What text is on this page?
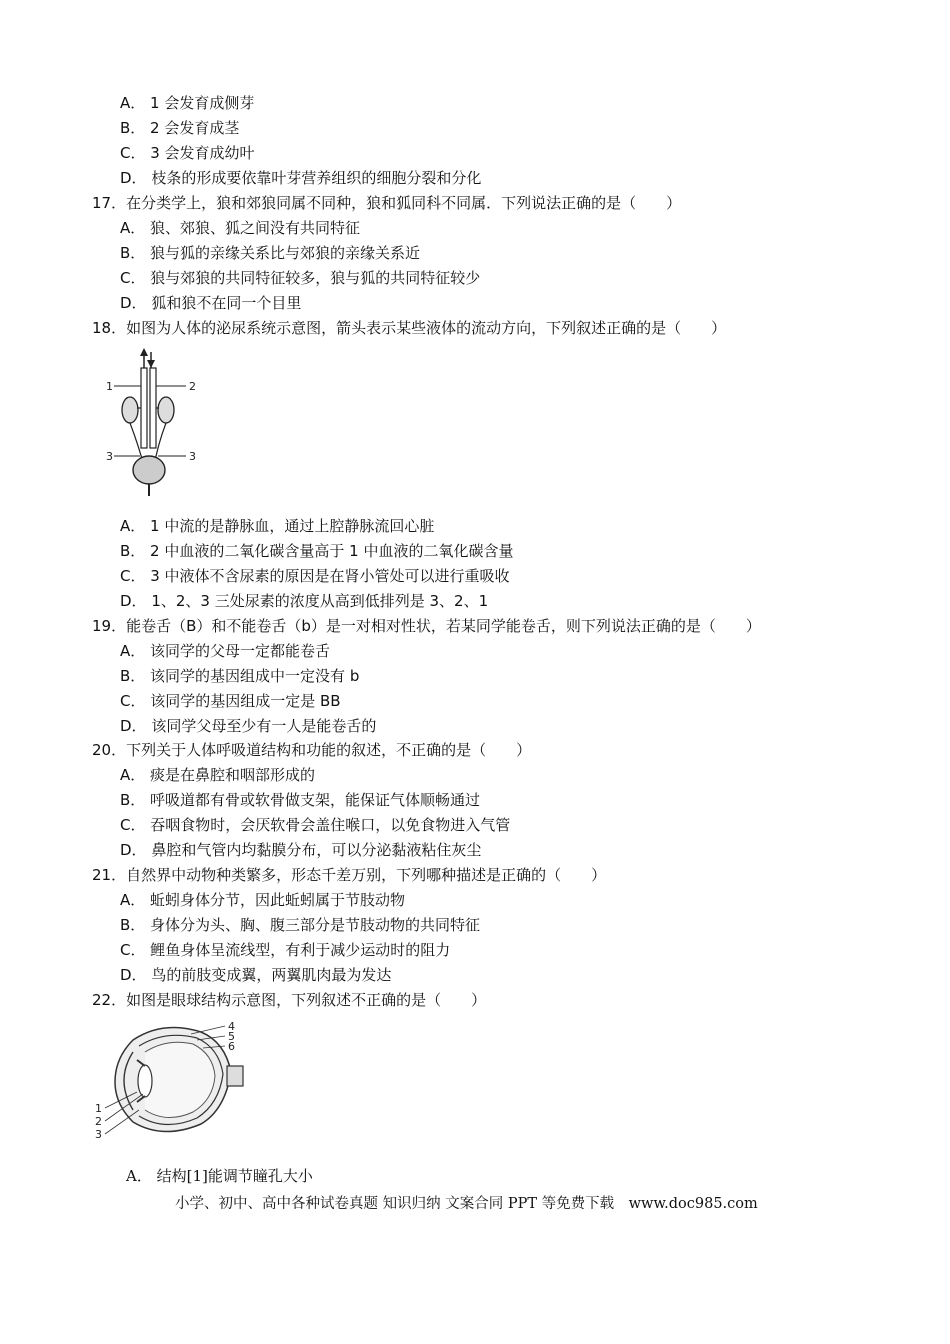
A． 1 会发育成侧芽
B． 2 会发育成茎
C． 3 会发育成幼叶
D． 枝条的形成要依靠叶芽营养组织的细胞分裂和分化
17．在分类学上，狼和郊狼同属不同种，狼和狐同科不同属．下列说法正确的是（　　）
A． 狼、郊狼、狐之间没有共同特征
B． 狼与狐的亲缘关系比与郊狼的亲缘关系近
C． 狼与郊狼的共同特征较多，狼与狐的共同特征较少
D． 狐和狼不在同一个目里
18．如图为人体的泌尿系统示意图，箭头表示某些液体的流动方向，下列叙述正确的是（　　）
1	2
3	3
A． 1 中流的是静脉血，通过上腔静脉流回心脏
B． 2 中血液的二氧化碳含量高于 1 中血液的二氧化碳含量
C． 3 中液体不含尿素的原因是在肾小管处可以进行重吸收
D． 1、2、3 三处尿素的浓度从高到低排列是 3、2、1
19．能卷舌（B）和不能卷舌（b）是一对相对性状，若某同学能卷舌，则下列说法正确的是（　　）
A． 该同学的父母一定都能卷舌
B． 该同学的基因组成中一定没有 b
C． 该同学的基因组成一定是 BB
D． 该同学父母至少有一人是能卷舌的
20．下列关于人体呼吸道结构和功能的叙述，不正确的是（　　）
A． 痰是在鼻腔和咽部形成的
B． 呼吸道都有骨或软骨做支架，能保证气体顺畅通过
C． 吞咽食物时，会厌软骨会盖住喉口，以免食物进入气管
D． 鼻腔和气管内均黏膜分布，可以分泌黏液粘住灰尘
21．自然界中动物种类繁多，形态千差万别，下列哪种描述是正确的（　　）
A． 蚯蚓身体分节，因此蚯蚓属于节肢动物
B． 身体分为头、胸、腹三部分是节肢动物的共同特征
C． 鲤鱼身体呈流线型，有利于减少运动时的阻力
D． 鸟的前肢变成翼，两翼肌肉最为发达
22．如图是眼球结构示意图，下列叙述不正确的是（　　）
4
5
6
1
2
3
A． 结构[1]能调节瞳孔大小
小学、初中、高中各种试卷真题 知识归纳 文案合同 PPT 等免费下载　www.doc985.com
